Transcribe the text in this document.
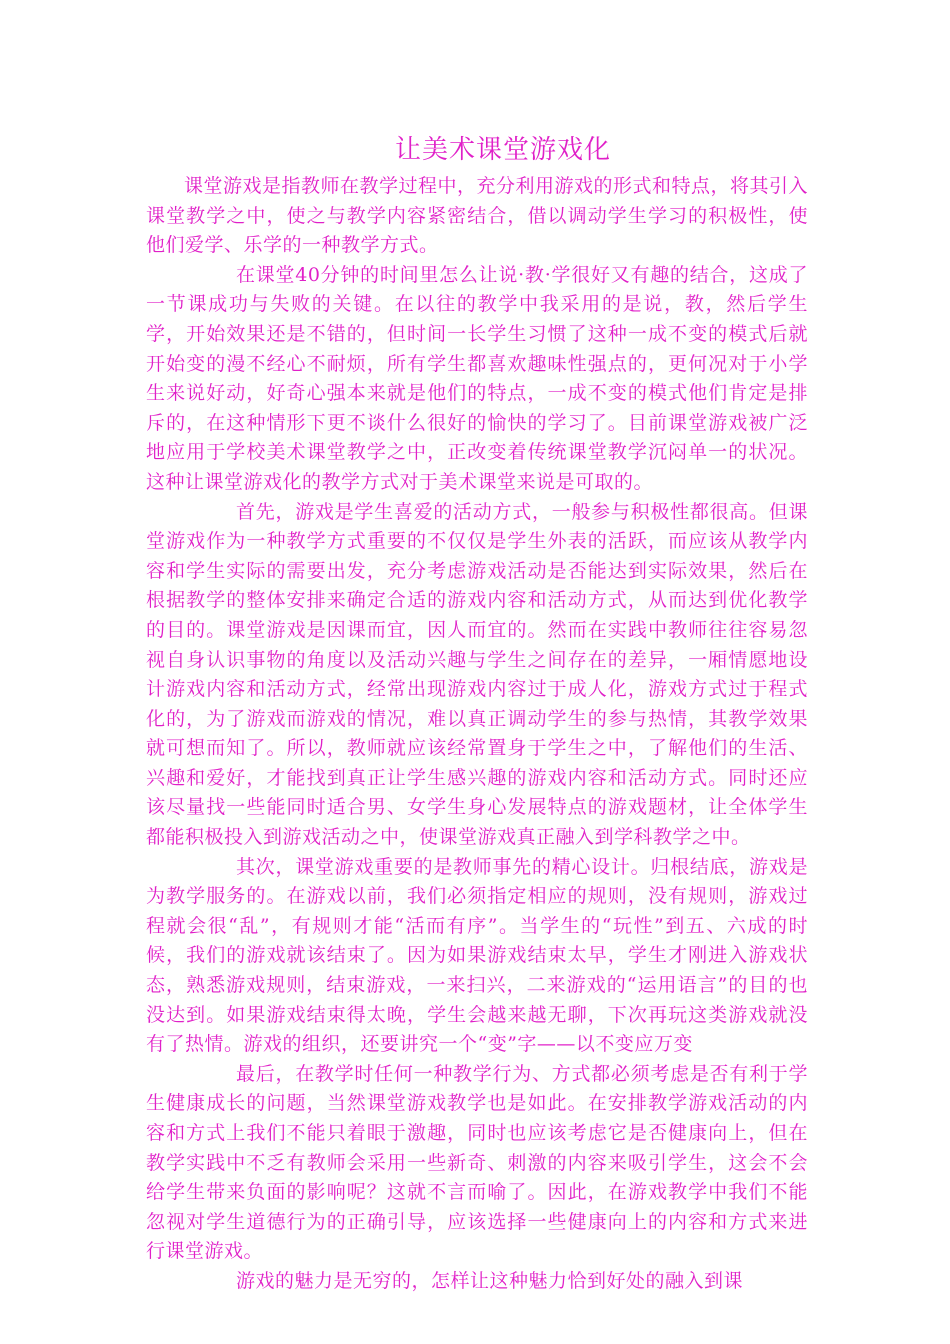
让美术课堂游戏化

课堂游戏是指教师在教学过程中，充分利用游戏的形式和特点，将其引入课堂教学之中，使之与教学内容紧密结合，借以调动学生学习的积极性，使他们爱学、乐学的一种教学方式。

在课堂40分钟的时间里怎么让说·教·学很好又有趣的结合，这成了一节课成功与失败的关键。在以往的教学中我采用的是说，教，然后学生学，开始效果还是不错的，但时间一长学生习惯了这种一成不变的模式后就开始变的漫不经心不耐烦，所有学生都喜欢趣味性强点的，更何况对于小学生来说好动，好奇心强本来就是他们的特点，一成不变的模式他们肯定是排斥的，在这种情形下更不谈什么很好的愉快的学习了。目前课堂游戏被广泛地应用于学校美术课堂教学之中，正改变着传统课堂教学沉闷单一的状况。这种让课堂游戏化的教学方式对于美术课堂来说是可取的。

首先，游戏是学生喜爱的活动方式，一般参与积极性都很高。但课堂游戏作为一种教学方式重要的不仅仅是学生外表的活跃，而应该从教学内容和学生实际的需要出发，充分考虑游戏活动是否能达到实际效果，然后在根据教学的整体安排来确定合适的游戏内容和活动方式，从而达到优化教学的目的。课堂游戏是因课而宜，因人而宜的。然而在实践中教师往往容易忽视自身认识事物的角度以及活动兴趣与学生之间存在的差异，一厢情愿地设计游戏内容和活动方式，经常出现游戏内容过于成人化，游戏方式过于程式化的，为了游戏而游戏的情况，难以真正调动学生的参与热情，其教学效果就可想而知了。所以，教师就应该经常置身于学生之中，了解他们的生活、兴趣和爱好，才能找到真正让学生感兴趣的游戏内容和活动方式。同时还应该尽量找一些能同时适合男、女学生身心发展特点的游戏题材，让全体学生都能积极投入到游戏活动之中，使课堂游戏真正融入到学科教学之中。

其次，课堂游戏重要的是教师事先的精心设计。归根结底，游戏是为教学服务的。在游戏以前，我们必须指定相应的规则，没有规则，游戏过程就会很“乱”，有规则才能“活而有序”。当学生的“玩性”到五、六成的时候，我们的游戏就该结束了。因为如果游戏结束太早，学生才刚进入游戏状态，熟悉游戏规则，结束游戏，一来扫兴，二来游戏的“运用语言”的目的也没达到。如果游戏结束得太晚，学生会越来越无聊，下次再玩这类游戏就没有了热情。游戏的组织，还要讲究一个“变”字——以不变应万变

最后，在教学时任何一种教学行为、方式都必须考虑是否有利于学生健康成长的问题，当然课堂游戏教学也是如此。在安排教学游戏活动的内容和方式上我们不能只着眼于激趣，同时也应该考虑它是否健康向上，但在教学实践中不乏有教师会采用一些新奇、刺激的内容来吸引学生，这会不会给学生带来负面的影响呢？这就不言而喻了。因此，在游戏教学中我们不能忽视对学生道德行为的正确引导，应该选择一些健康向上的内容和方式来进行课堂游戏。

游戏的魅力是无穷的，怎样让这种魅力恰到好处的融入到课
